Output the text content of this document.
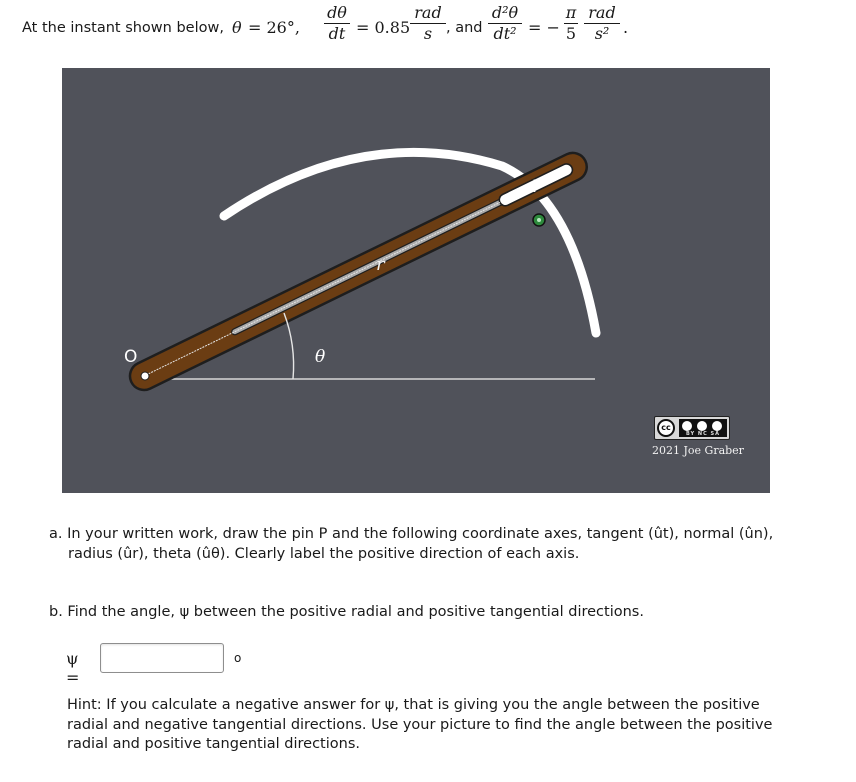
At the instant shown below, θ = 26°,
dθ
dt = 0.85
rad
s , and
d²θ
dt² = −
π
5
rad
s² .
O
P
r
θ
cc
BY NC SA
2021 Joe Graber
a. In your written work, draw the pin P and the following coordinate axes, tangent (ût), normal (ûn),
radius (ûr), theta (ûθ). Clearly label the positive direction of each axis.
b. Find the angle, ψ between the positive radial and positive tangential directions.
ψ =
o
Hint: If you calculate a negative answer for ψ, that is giving you the angle between the positive
radial and negative tangential directions. Use your picture to find the angle between the positive
radial and positive tangential directions.
